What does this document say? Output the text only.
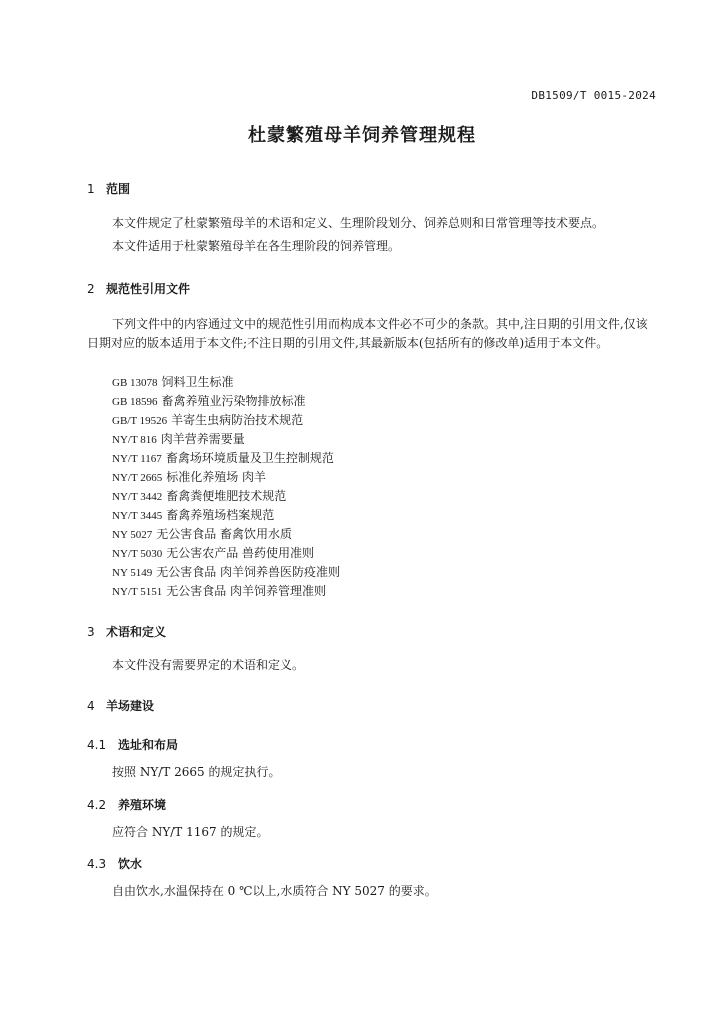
DB1509/T 0015-2024
杜蒙繁殖母羊饲养管理规程
1 范围
本文件规定了杜蒙繁殖母羊的术语和定义、生理阶段划分、饲养总则和日常管理等技术要点。
本文件适用于杜蒙繁殖母羊在各生理阶段的饲养管理。
2 规范性引用文件
下列文件中的内容通过文中的规范性引用而构成本文件必不可少的条款。其中,注日期的引用文件,仅该日期对应的版本适用于本文件;不注日期的引用文件,其最新版本(包括所有的修改单)适用于本文件。
GB 13078 饲料卫生标准
GB 18596 畜禽养殖业污染物排放标准
GB/T 19526 羊寄生虫病防治技术规范
NY/T 816 肉羊营养需要量
NY/T 1167 畜禽场环境质量及卫生控制规范
NY/T 2665 标准化养殖场 肉羊
NY/T 3442 畜禽粪便堆肥技术规范
NY/T 3445 畜禽养殖场档案规范
NY 5027 无公害食品 畜禽饮用水质
NY/T 5030 无公害农产品 兽药使用准则
NY 5149 无公害食品 肉羊饲养兽医防疫准则
NY/T 5151 无公害食品 肉羊饲养管理准则
3 术语和定义
本文件没有需要界定的术语和定义。
4 羊场建设
4.1 选址和布局
按照 NY/T 2665 的规定执行。
4.2 养殖环境
应符合 NY/T 1167 的规定。
4.3 饮水
自由饮水,水温保持在 0 ℃以上,水质符合 NY 5027 的要求。
